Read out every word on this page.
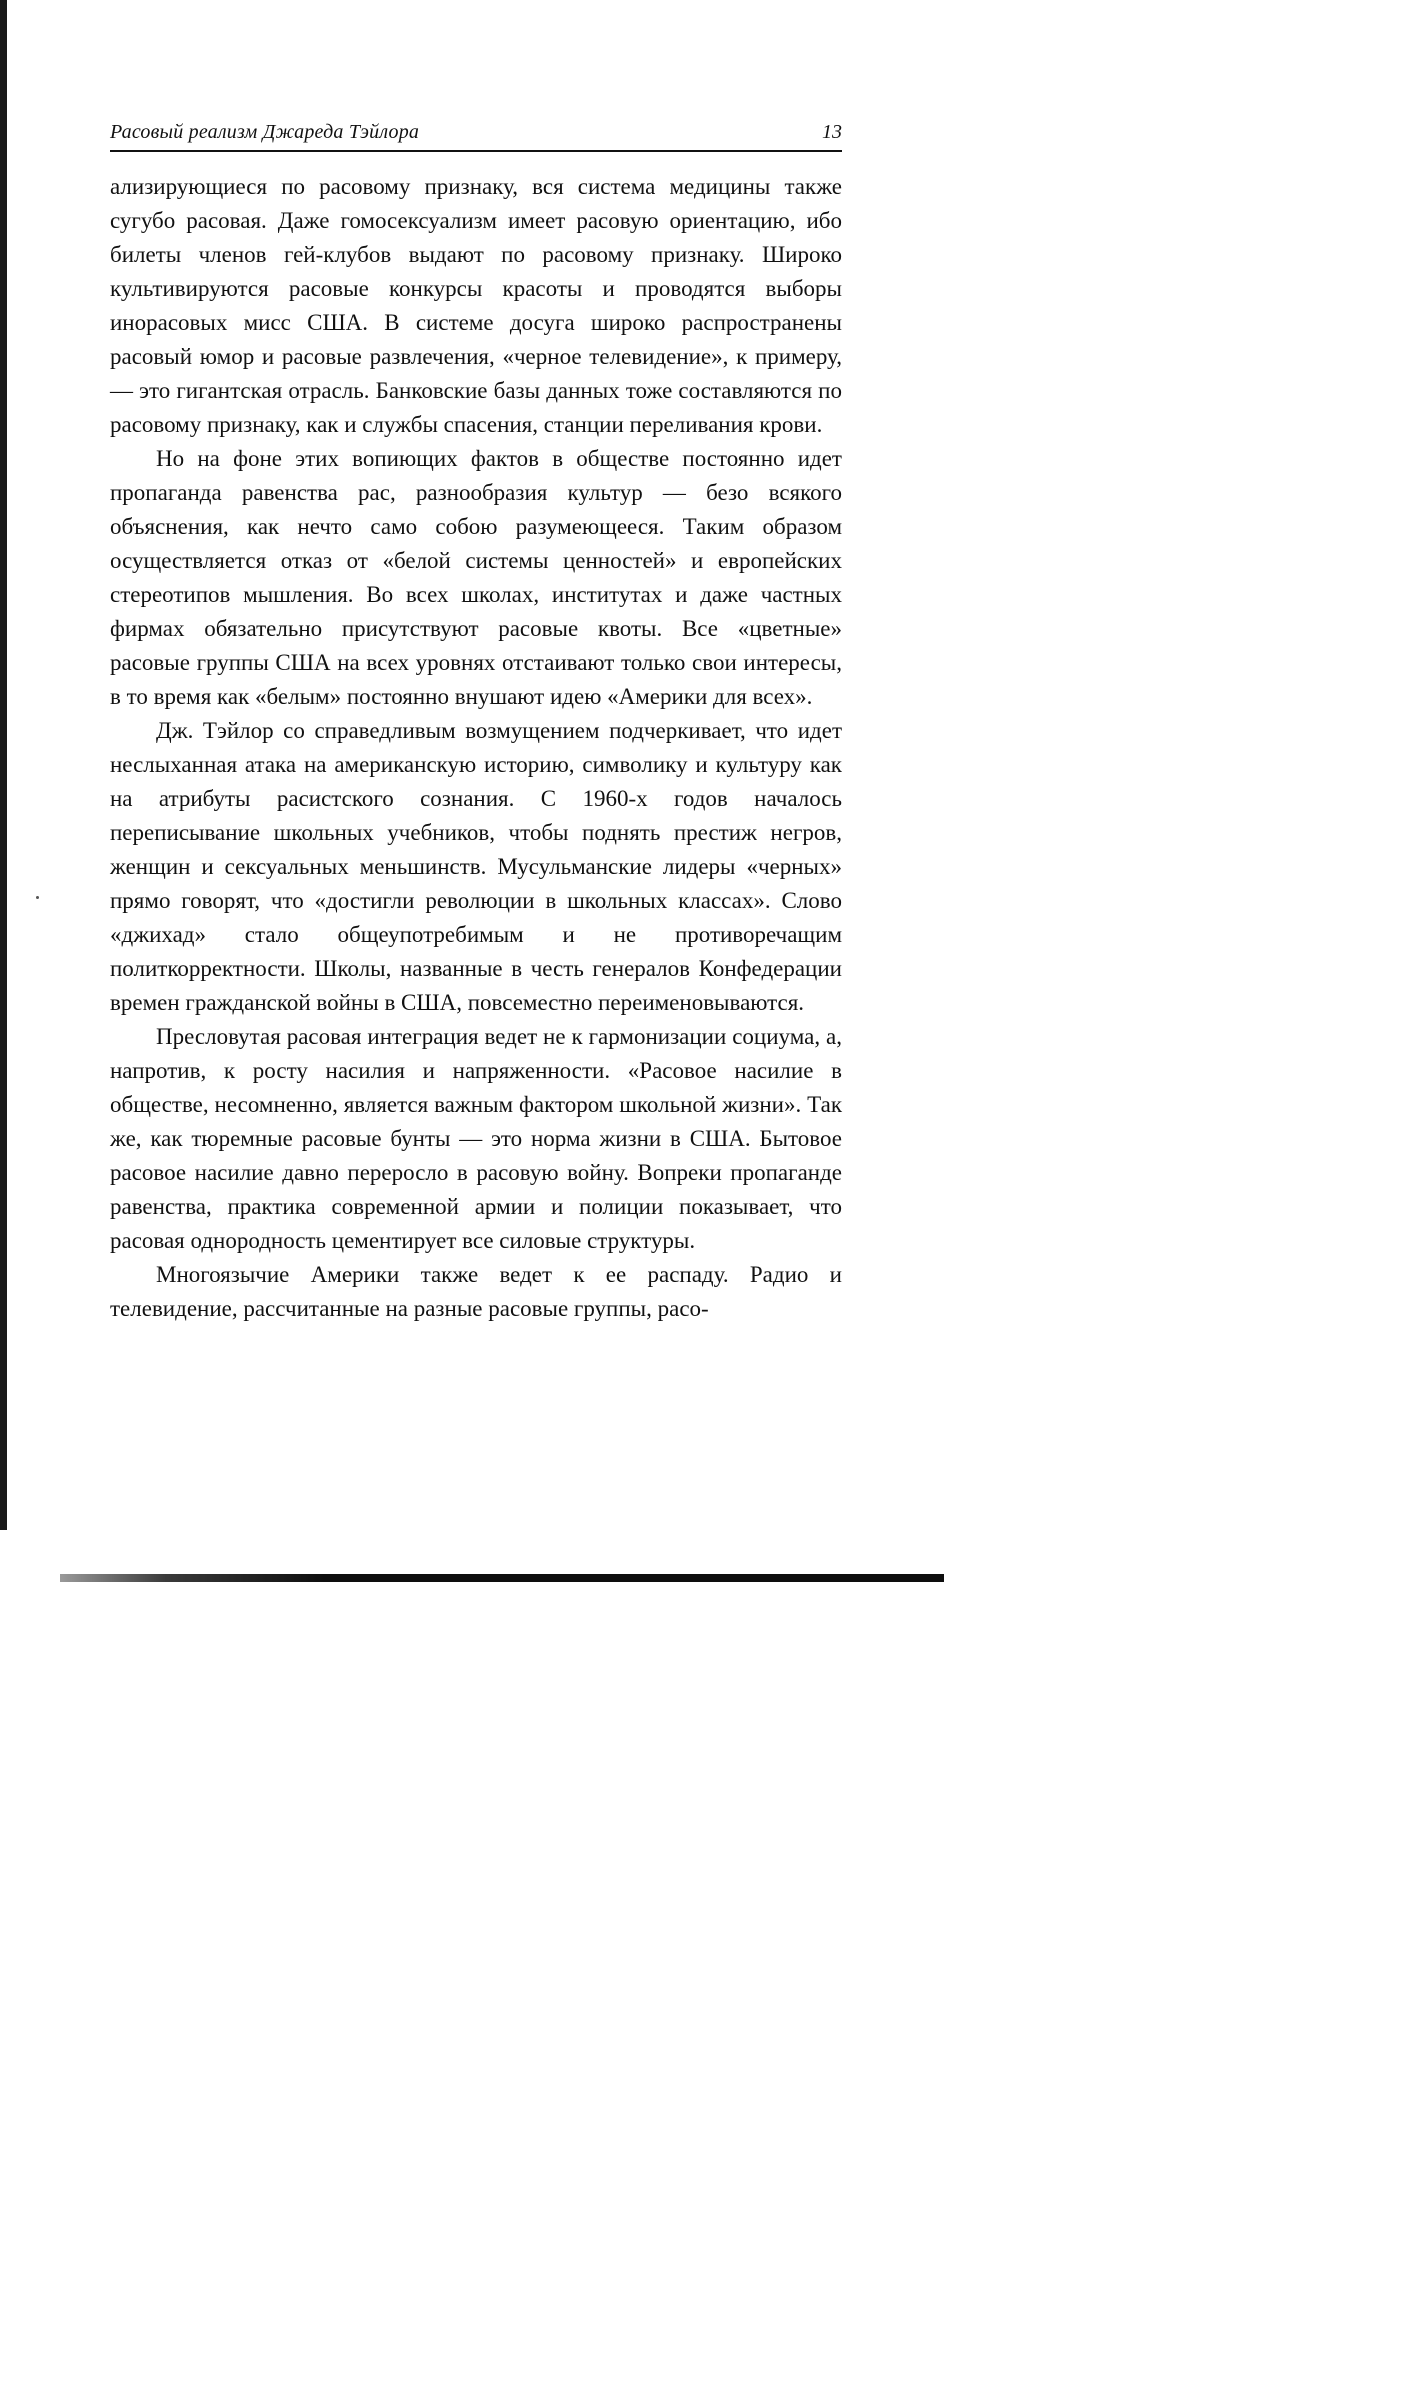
Расовый реализм Джареда Тэйлора	13

ализирующиеся по расовому признаку, вся система медицины также сугубо расовая. Даже гомосексуализм имеет расовую ориентацию, ибо билеты членов гей-клубов выдают по расовому признаку. Широко культивируются расовые конкурсы красоты и проводятся выборы инорасовых мисс США. В системе досуга широко распространены расовый юмор и расовые развлечения, «черное телевидение», к примеру, — это гигантская отрасль. Банковские базы данных тоже составляются по расовому признаку, как и службы спасения, станции переливания крови.

Но на фоне этих вопиющих фактов в обществе постоянно идет пропаганда равенства рас, разнообразия культур — безо всякого объяснения, как нечто само собою разумеющееся. Таким образом осуществляется отказ от «белой системы ценностей» и европейских стереотипов мышления. Во всех школах, институтах и даже частных фирмах обязательно присутствуют расовые квоты. Все «цветные» расовые группы США на всех уровнях отстаивают только свои интересы, в то время как «белым» постоянно внушают идею «Америки для всех».

Дж. Тэйлор со справедливым возмущением подчеркивает, что идет неслыханная атака на американскую историю, символику и культуру как на атрибуты расистского сознания. С 1960-х годов началось переписывание школьных учебников, чтобы поднять престиж негров, женщин и сексуальных меньшинств. Мусульманские лидеры «черных» прямо говорят, что «достигли революции в школьных классах». Слово «джихад» стало общеупотребимым и не противоречащим политкорректности. Школы, названные в честь генералов Конфедерации времен гражданской войны в США, повсеместно переименовываются.

Пресловутая расовая интеграция ведет не к гармонизации социума, а, напротив, к росту насилия и напряженности. «Расовое насилие в обществе, несомненно, является важным фактором школьной жизни». Так же, как тюремные расовые бунты — это норма жизни в США. Бытовое расовое насилие давно переросло в расовую войну. Вопреки пропаганде равенства, практика современной армии и полиции показывает, что расовая однородность цементирует все силовые структуры.

Многоязычие Америки также ведет к ее распаду. Радио и телевидение, рассчитанные на разные расовые группы, расо-
